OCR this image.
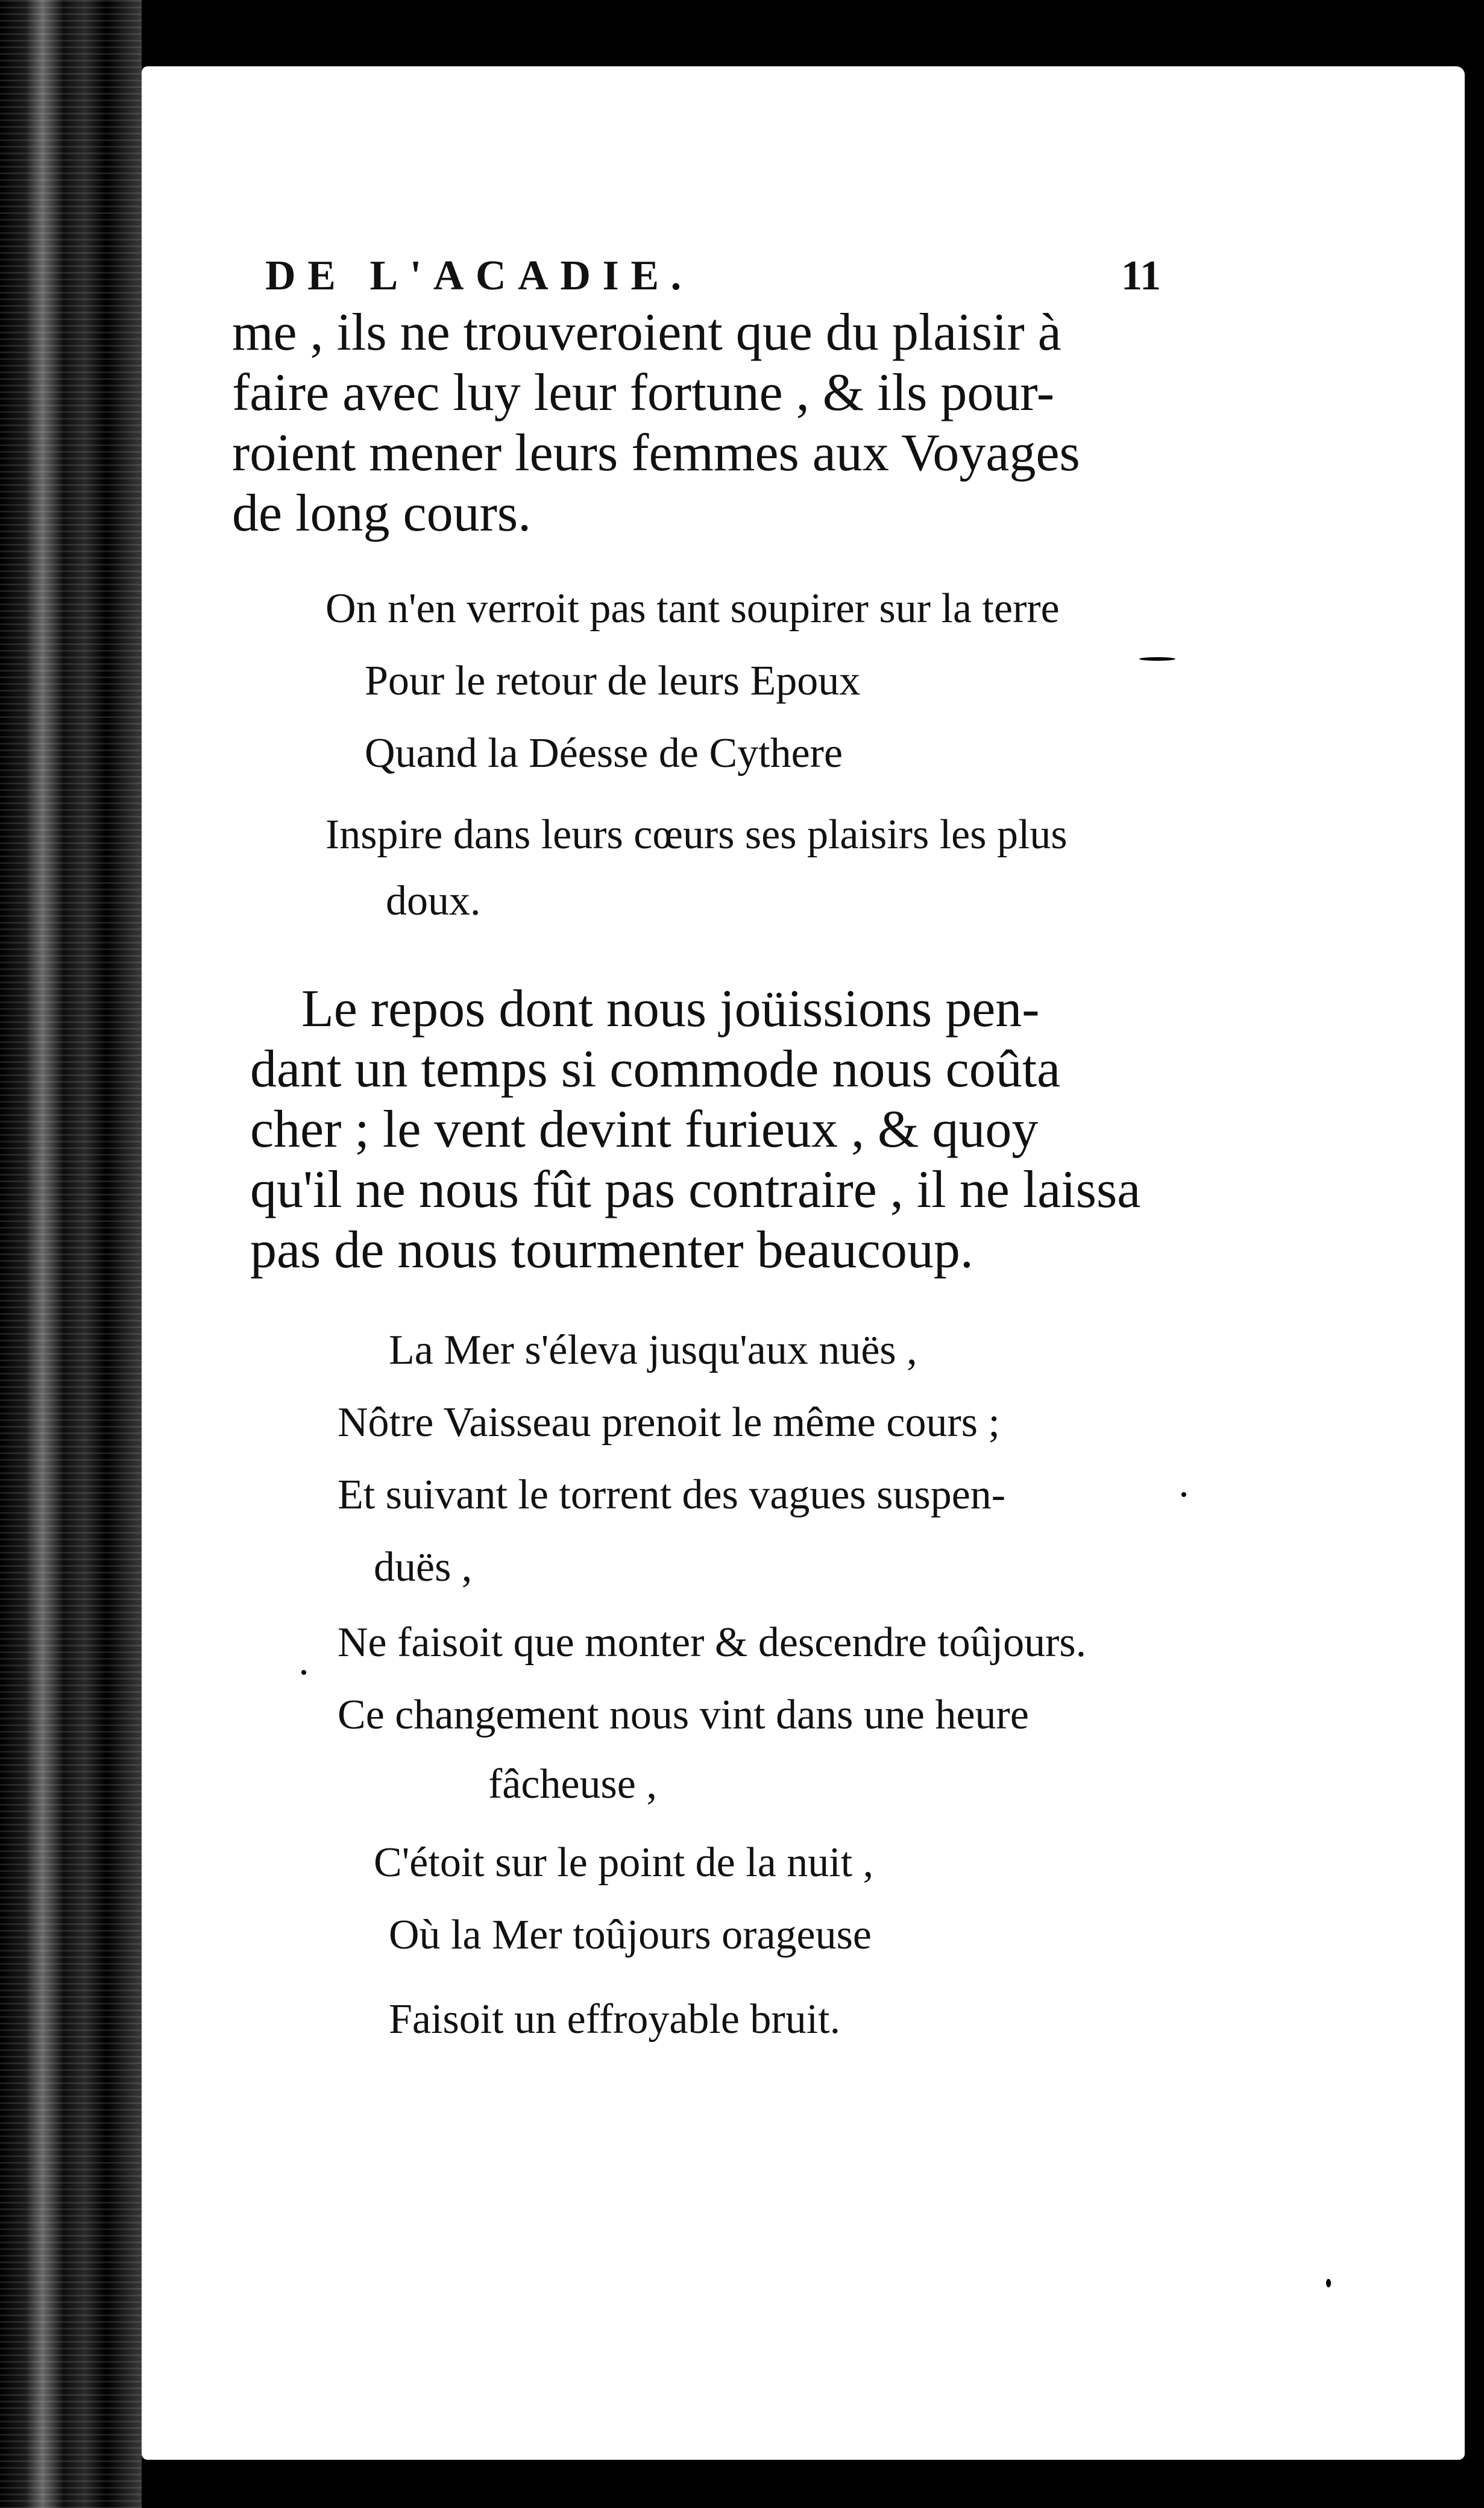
DE L'ACADIE.	11
me , ils ne trouveroient que du plaisir à
faire avec luy leur fortune , & ils pour-
roient mener leurs femmes aux Voyages
de long cours.
On n'en verroit pas tant soupirer sur la terre
Pour le retour de leurs Epoux
Quand la Déesse de Cythere
Inspire dans leurs cœurs ses plaisirs les plus
doux.
Le repos dont nous joüissions pen-
dant un temps si commode nous coûta
cher ; le vent devint furieux , & quoy
qu'il ne nous fût pas contraire , il ne laissa
pas de nous tourmenter beaucoup.
La Mer s'éleva jusqu'aux nuës ,
Nôtre Vaisseau prenoit le même cours ;
Et suivant le torrent des vagues suspen-
duës ,
Ne faisoit que monter & descendre toûjours.
Ce changement nous vint dans une heure
fâcheuse ,
C'étoit sur le point de la nuit ,
Où la Mer toûjours orageuse
Faisoit un effroyable bruit.
